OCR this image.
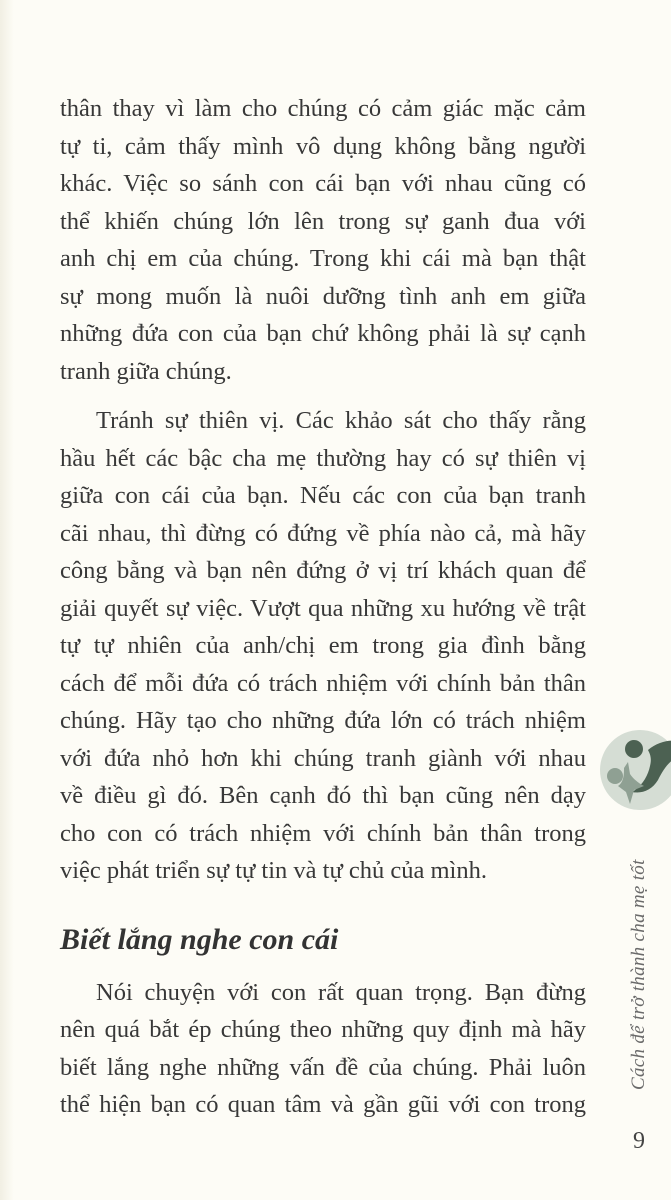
thân thay vì làm cho chúng có cảm giác mặc cảm
tự ti, cảm thấy mình vô dụng không bằng người
khác. Việc so sánh con cái bạn với nhau cũng có
thể khiến chúng lớn lên trong sự ganh đua với
anh chị em của chúng. Trong khi cái mà bạn thật
sự mong muốn là nuôi dưỡng tình anh em giữa
những đứa con của bạn chứ không phải là sự cạnh
tranh giữa chúng.

Tránh sự thiên vị. Các khảo sát cho thấy rằng
hầu hết các bậc cha mẹ thường hay có sự thiên vị
giữa con cái của bạn. Nếu các con của bạn tranh
cãi nhau, thì đừng có đứng về phía nào cả, mà hãy
công bằng và bạn nên đứng ở vị trí khách quan để
giải quyết sự việc. Vượt qua những xu hướng về trật
tự tự nhiên của anh/chị em trong gia đình bằng
cách để mỗi đứa có trách nhiệm với chính bản thân
chúng. Hãy tạo cho những đứa lớn có trách nhiệm
với đứa nhỏ hơn khi chúng tranh giành với nhau
về điều gì đó. Bên cạnh đó thì bạn cũng nên dạy
cho con có trách nhiệm với chính bản thân trong
việc phát triển sự tự tin và tự chủ của mình.

Biết lắng nghe con cái

Nói chuyện với con rất quan trọng. Bạn đừng
nên quá bắt ép chúng theo những quy định mà hãy
biết lắng nghe những vấn đề của chúng. Phải luôn
thể hiện bạn có quan tâm và gần gũi với con trong

Cách để trở thành cha mẹ tốt
9
